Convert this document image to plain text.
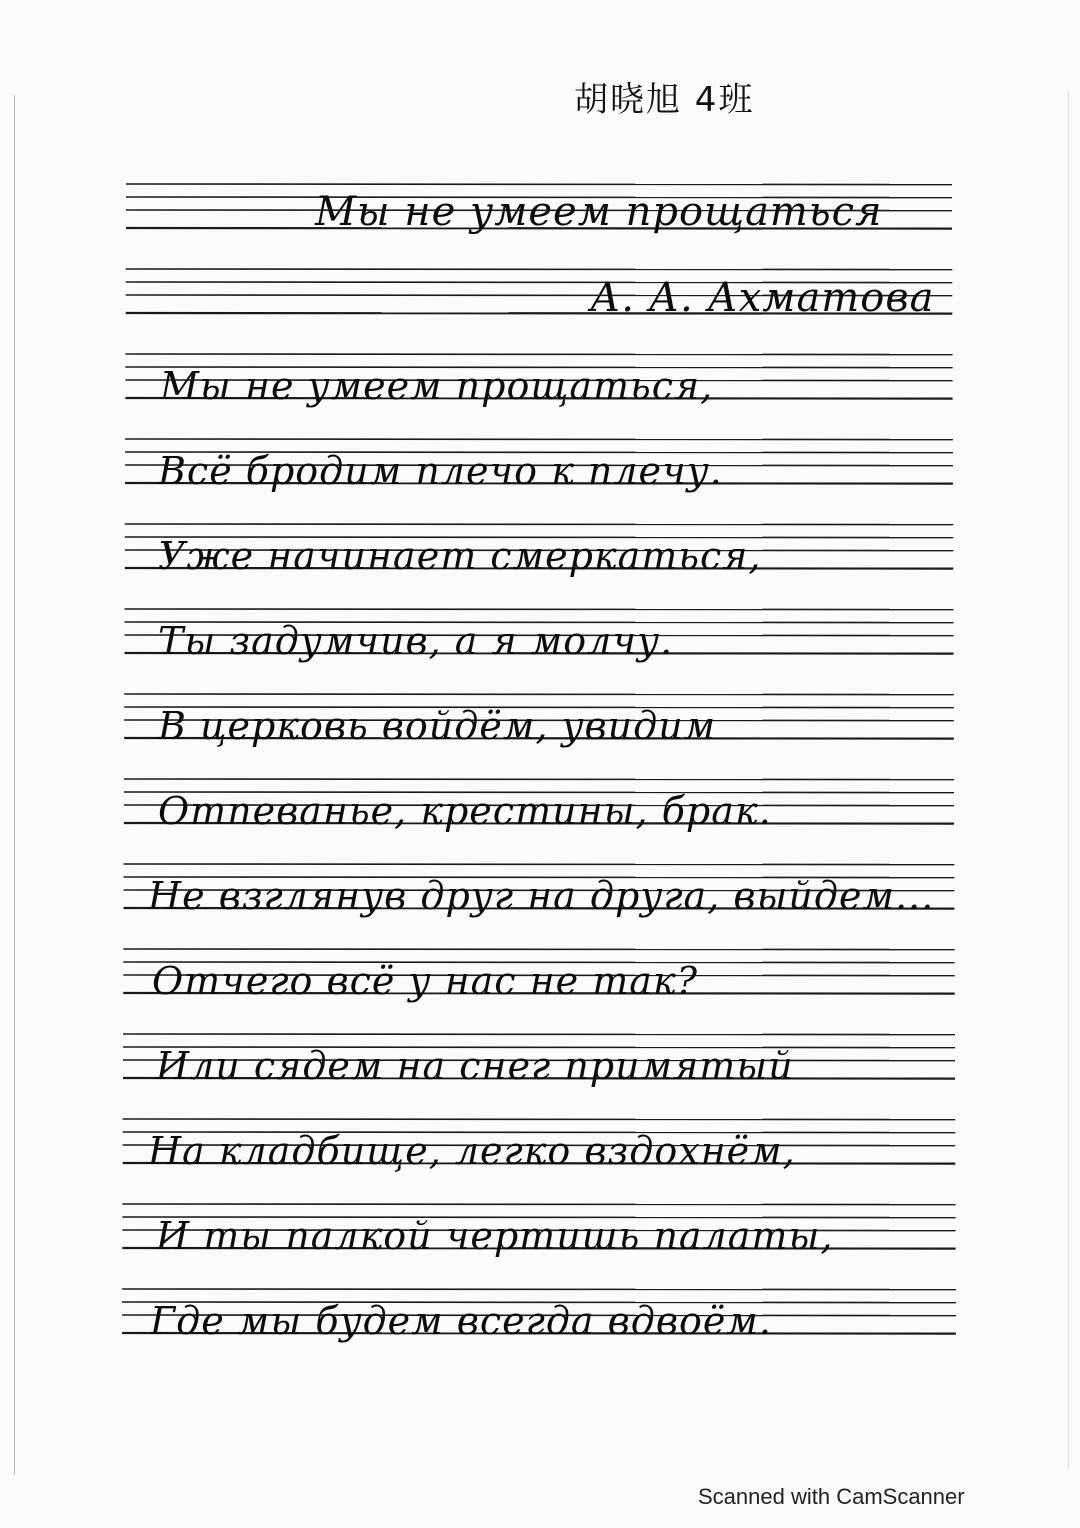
胡晓旭 4班
Мы не умеем прощаться
А. А. Ахматова
Мы не умеем прощаться,
Всё бродим плечо к плечу.
Уже начинает смеркаться,
Ты задумчив, а я молчу.
В церковь войдём, увидим
Отпеванье, крестины, брак.
Не взглянув друг на друга, выйдем...
Отчего всё у нас не так?
Или сядем на снег примятый
На кладбище, легко вздохнём,
И ты палкой чертишь палаты,
Где мы будем всегда вдвоём.
Scanned with CamScanner
